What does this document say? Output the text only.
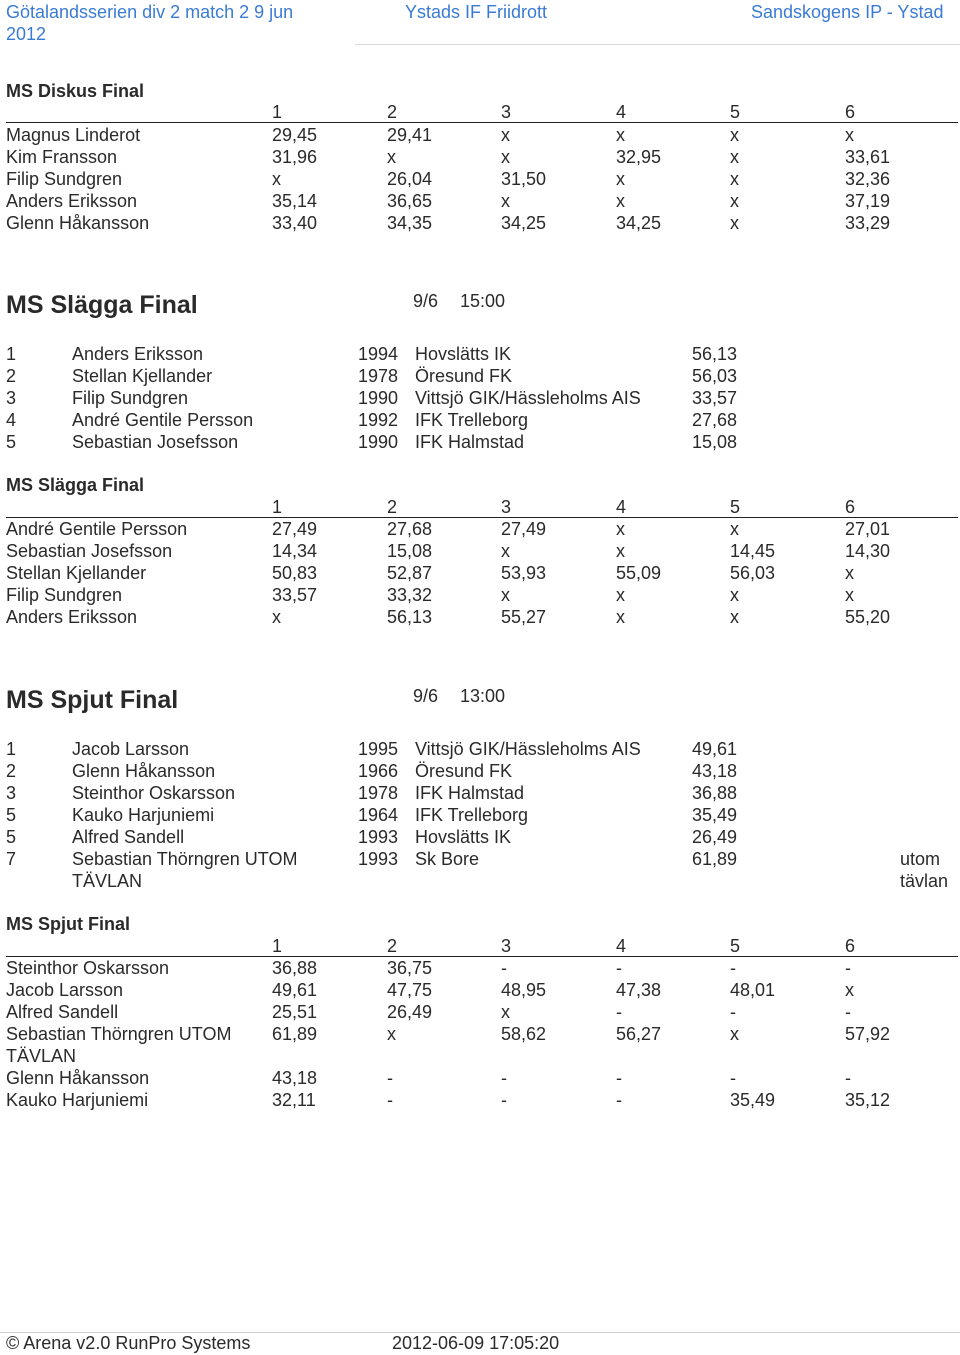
Götalandsserien div 2 match 2 9 jun
2012
Ystads IF Friidrott	Sandskogens IP - Ystad
MS Diskus Final
1	2	3	4	5	6
Magnus Linderot	29,45	29,41	x	x	x	x
Kim Fransson	31,96	x	x	32,95	x	33,61
Filip Sundgren	x	26,04	31,50	x	x	32,36
Anders Eriksson	35,14	36,65	x	x	x	37,19
Glenn Håkansson	33,40	34,35	34,25	34,25	x	33,29
MS Slägga Final	9/6 15:00
1	Anders Eriksson	1994 Hovslätts IK	56,13
2	Stellan Kjellander	1978 Öresund FK	56,03
3	Filip Sundgren	1990 Vittsjö GIK/Hässleholms AIS	33,57
4	André Gentile Persson	1992 IFK Trelleborg	27,68
5	Sebastian Josefsson	1990 IFK Halmstad	15,08
MS Slägga Final
1	2	3	4	5	6
André Gentile Persson	27,49	27,68	27,49	x	x	27,01
Sebastian Josefsson	14,34	15,08	x	x	14,45	14,30
Stellan Kjellander	50,83	52,87	53,93	55,09	56,03	x
Filip Sundgren	33,57	33,32	x	x	x	x
Anders Eriksson	x	56,13	55,27	x	x	55,20
MS Spjut Final	9/6 13:00
1	Jacob Larsson	1995 Vittsjö GIK/Hässleholms AIS	49,61
2	Glenn Håkansson	1966 Öresund FK	43,18
3	Steinthor Oskarsson	1978 IFK Halmstad	36,88
5	Kauko Harjuniemi	1964 IFK Trelleborg	35,49
5	Alfred Sandell	1993 Hovslätts IK	26,49
7	Sebastian Thörngren UTOM	1993 Sk Bore	61,89	utom
TÄVLAN	tävlan
MS Spjut Final
1	2	3	4	5	6
Steinthor Oskarsson	36,88	36,75	-	-	-	-
Jacob Larsson	49,61	47,75	48,95	47,38	48,01	x
Alfred Sandell	25,51	26,49	x	-	-	-
Sebastian Thörngren UTOM 61,89	x	58,62	56,27	x	57,92
TÄVLAN
Glenn Håkansson	43,18	-	-	-	-	-
Kauko Harjuniemi	32,11	-	-	-	35,49	35,12
© Arena v2.0 RunPro Systems	2012-06-09 17:05:20
